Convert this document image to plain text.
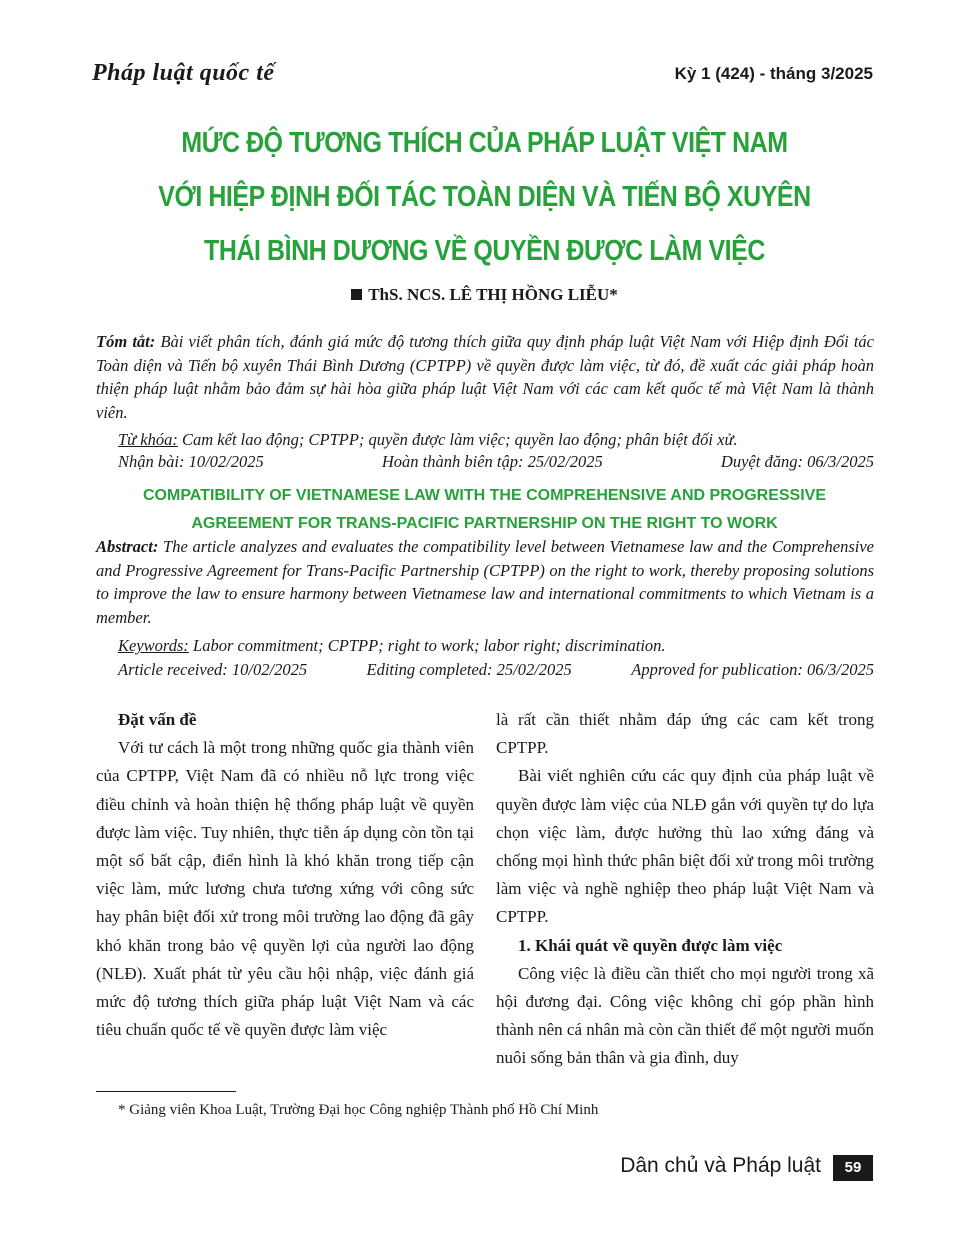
Pháp luật quốc tế	Kỳ 1 (424) - tháng 3/2025
MỨC ĐỘ TƯƠNG THÍCH CỦA PHÁP LUẬT VIỆT NAM
VỚI HIỆP ĐỊNH ĐỐI TÁC TOÀN DIỆN VÀ TIẾN BỘ XUYÊN
THÁI BÌNH DƯƠNG VỀ QUYỀN ĐƯỢC LÀM VIỆC
ThS. NCS. LÊ THỊ HỒNG LIỄU*
Tóm tắt: Bài viết phân tích, đánh giá mức độ tương thích giữa quy định pháp luật Việt Nam với Hiệp định Đối tác Toàn diện và Tiến bộ xuyên Thái Bình Dương (CPTPP) về quyền được làm việc, từ đó, đề xuất các giải pháp hoàn thiện pháp luật nhằm bảo đảm sự hài hòa giữa pháp luật Việt Nam với các cam kết quốc tế mà Việt Nam là thành viên.
Từ khóa: Cam kết lao động; CPTPP; quyền được làm việc; quyền lao động; phân biệt đối xử.
Nhận bài: 10/02/2025	Hoàn thành biên tập: 25/02/2025	Duyệt đăng: 06/3/2025
COMPATIBILITY OF VIETNAMESE LAW WITH THE COMPREHENSIVE AND PROGRESSIVE
AGREEMENT FOR TRANS-PACIFIC PARTNERSHIP ON THE RIGHT TO WORK
Abstract: The article analyzes and evaluates the compatibility level between Vietnamese law and the Comprehensive and Progressive Agreement for Trans-Pacific Partnership (CPTPP) on the right to work, thereby proposing solutions to improve the law to ensure harmony between Vietnamese law and international commitments to which Vietnam is a member.
Keywords: Labor commitment; CPTPP; right to work; labor right; discrimination.
Article received: 10/02/2025	Editing completed: 25/02/2025	Approved for publication: 06/3/2025

Đặt vấn đề

Với tư cách là một trong những quốc gia thành viên của CPTPP, Việt Nam đã có nhiều nỗ lực trong việc điều chỉnh và hoàn thiện hệ thống pháp luật về quyền được làm việc. Tuy nhiên, thực tiễn áp dụng còn tồn tại một số bất cập, điển hình là khó khăn trong tiếp cận việc làm, mức lương chưa tương xứng với công sức hay phân biệt đối xử trong môi trường lao động đã gây khó khăn trong bảo vệ quyền lợi của người lao động (NLĐ). Xuất phát từ yêu cầu hội nhập, việc đánh giá mức độ tương thích giữa pháp luật Việt Nam và các tiêu chuẩn quốc tế về quyền được làm việc

là rất cần thiết nhằm đáp ứng các cam kết trong CPTPP.

Bài viết nghiên cứu các quy định của pháp luật về quyền được làm việc của NLĐ gắn với quyền tự do lựa chọn việc làm, được hưởng thù lao xứng đáng và chống mọi hình thức phân biệt đối xử trong môi trường làm việc và nghề nghiệp theo pháp luật Việt Nam và CPTPP.

1. Khái quát về quyền được làm việc

Công việc là điều cần thiết cho mọi người trong xã hội đương đại. Công việc không chỉ góp phần hình thành nên cá nhân mà còn cần thiết để một người muốn nuôi sống bản thân và gia đình, duy

* Giảng viên Khoa Luật, Trường Đại học Công nghiệp Thành phố Hồ Chí Minh
Dân chủ và Pháp luật	59
